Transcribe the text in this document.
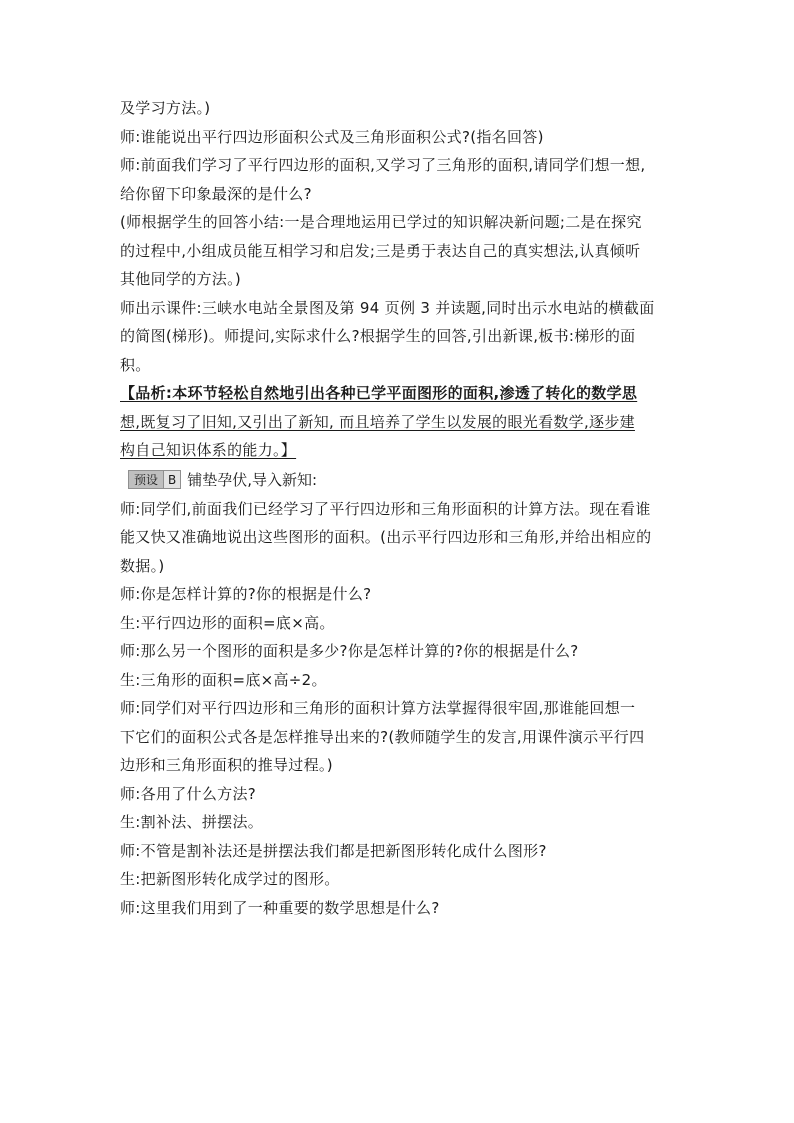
及学习方法。)
师:谁能说出平行四边形面积公式及三角形面积公式?(指名回答)
师:前面我们学习了平行四边形的面积,又学习了三角形的面积,请同学们想一想,
给你留下印象最深的是什么?
(师根据学生的回答小结:一是合理地运用已学过的知识解决新问题;二是在探究
的过程中,小组成员能互相学习和启发;三是勇于表达自己的真实想法,认真倾听
其他同学的方法。)
师出示课件:三峡水电站全景图及第 94 页例 3 并读题,同时出示水电站的横截面
的简图(梯形)。师提问,实际求什么?根据学生的回答,引出新课,板书:梯形的面
积。
【品析:本环节轻松自然地引出各种已学平面图形的面积,渗透了转化的数学思
想,既复习了旧知,又引出了新知, 而且培养了学生以发展的眼光看数学,逐步建
构自己知识体系的能力。】
预设 B 铺垫孕伏,导入新知:
师:同学们,前面我们已经学习了平行四边形和三角形面积的计算方法。现在看谁
能又快又准确地说出这些图形的面积。(出示平行四边形和三角形,并给出相应的
数据。)
师:你是怎样计算的?你的根据是什么?
生:平行四边形的面积=底×高。
师:那么另一个图形的面积是多少?你是怎样计算的?你的根据是什么?
生:三角形的面积=底×高÷2。
师:同学们对平行四边形和三角形的面积计算方法掌握得很牢固,那谁能回想一
下它们的面积公式各是怎样推导出来的?(教师随学生的发言,用课件演示平行四
边形和三角形面积的推导过程。)
师:各用了什么方法?
生:割补法、拼摆法。
师:不管是割补法还是拼摆法我们都是把新图形转化成什么图形?
生:把新图形转化成学过的图形。
师:这里我们用到了一种重要的数学思想是什么?
